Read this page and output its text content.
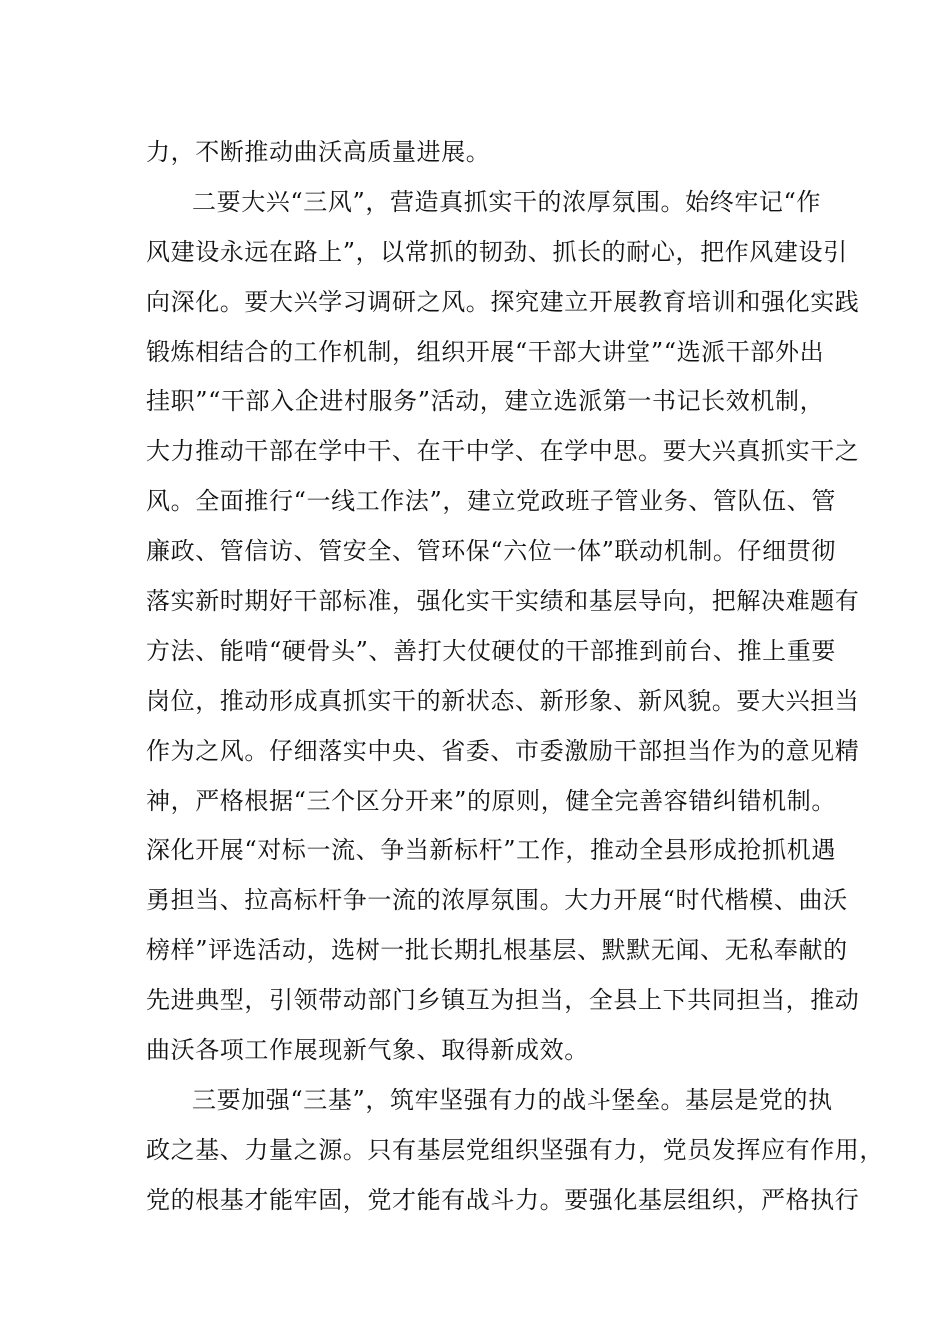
力，不断推动曲沃高质量进展。
二要大兴“三风”，营造真抓实干的浓厚氛围。始终牢记“作
风建设永远在路上”，以常抓的韧劲、抓长的耐心，把作风建设引
向深化。要大兴学习调研之风。探究建立开展教育培训和强化实践
锻炼相结合的工作机制，组织开展“干部大讲堂”“选派干部外出
挂职”“干部入企进村服务”活动，建立选派第一书记长效机制，
大力推动干部在学中干、在干中学、在学中思。要大兴真抓实干之
风。全面推行“一线工作法”，建立党政班子管业务、管队伍、管
廉政、管信访、管安全、管环保“六位一体”联动机制。仔细贯彻
落实新时期好干部标准，强化实干实绩和基层导向，把解决难题有
方法、能啃“硬骨头”、善打大仗硬仗的干部推到前台、推上重要
岗位，推动形成真抓实干的新状态、新形象、新风貌。要大兴担当
作为之风。仔细落实中央、省委、市委激励干部担当作为的意见精
神，严格根据“三个区分开来”的原则，健全完善容错纠错机制。
深化开展“对标一流、争当新标杆”工作，推动全县形成抢抓机遇
勇担当、拉高标杆争一流的浓厚氛围。大力开展“时代楷模、曲沃
榜样”评选活动，选树一批长期扎根基层、默默无闻、无私奉献的
先进典型，引领带动部门乡镇互为担当，全县上下共同担当，推动
曲沃各项工作展现新气象、取得新成效。
三要加强“三基”，筑牢坚强有力的战斗堡垒。基层是党的执
政之基、力量之源。只有基层党组织坚强有力，党员发挥应有作用，
党的根基才能牢固，党才能有战斗力。要强化基层组织，严格执行
